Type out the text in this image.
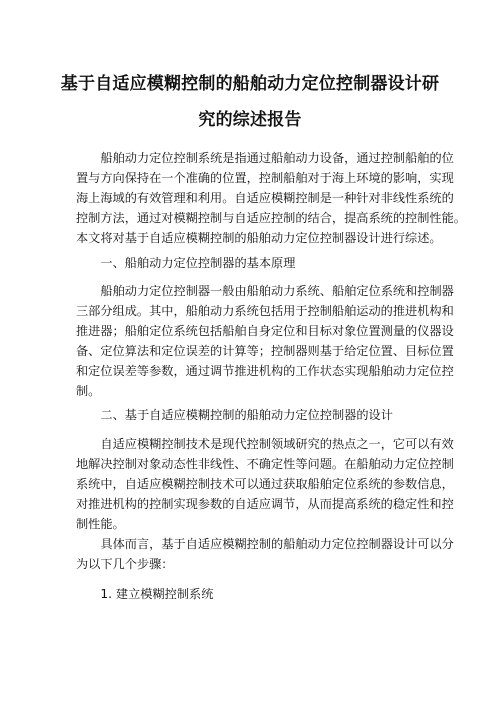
基于自适应模糊控制的船舶动力定位控制器设计研
究的综述报告

船舶动力定位控制系统是指通过船舶动力设备，通过控制船舶的位
置与方向保持在一个准确的位置，控制船舶对于海上环境的影响，实现
海上海域的有效管理和利用。自适应模糊控制是一种针对非线性系统的
控制方法，通过对模糊控制与自适应控制的结合，提高系统的控制性能。
本文将对基于自适应模糊控制的船舶动力定位控制器设计进行综述。

一、船舶动力定位控制器的基本原理

船舶动力定位控制器一般由船舶动力系统、船舶定位系统和控制器
三部分组成。其中，船舶动力系统包括用于控制船舶运动的推进机构和
推进器；船舶定位系统包括船舶自身定位和目标对象位置测量的仪器设
备、定位算法和定位误差的计算等；控制器则基于给定位置、目标位置
和定位误差等参数，通过调节推进机构的工作状态实现船舶动力定位控
制。

二、基于自适应模糊控制的船舶动力定位控制器的设计

自适应模糊控制技术是现代控制领域研究的热点之一，它可以有效
地解决控制对象动态性非线性、不确定性等问题。在船舶动力定位控制
系统中，自适应模糊控制技术可以通过获取船舶定位系统的参数信息，
对推进机构的控制实现参数的自适应调节，从而提高系统的稳定性和控
制性能。

具体而言，基于自适应模糊控制的船舶动力定位控制器设计可以分
为以下几个步骤：

1. 建立模糊控制系统
